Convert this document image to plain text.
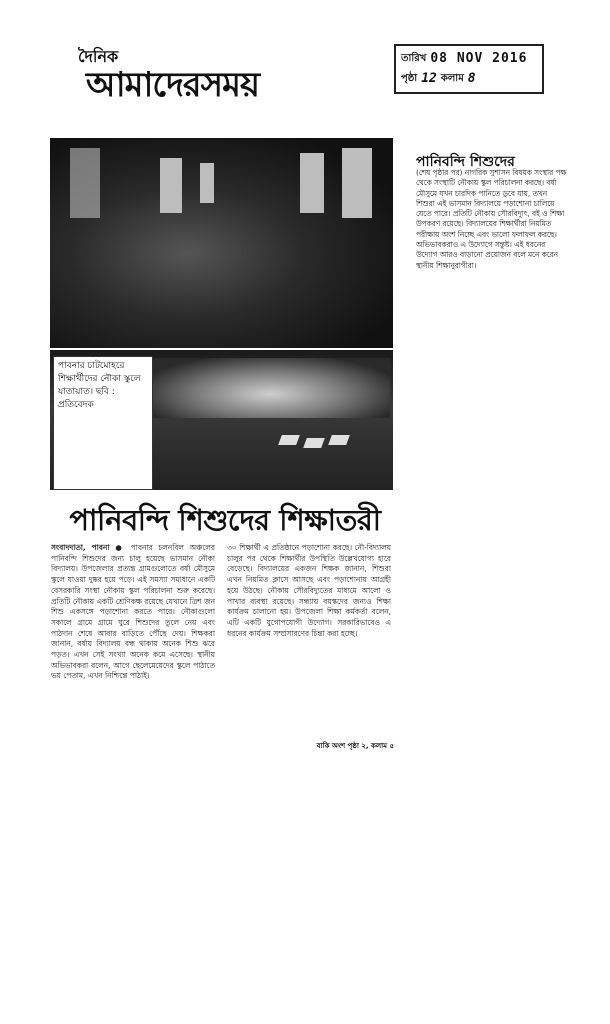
দৈনিক
আমাদেরসময়
তারিখ 08 NOV 2016
পৃষ্ঠা 12 কলাম 8
পাবনার চাটমোহরে শিক্ষার্থীদের নৌকা স্কুলে যাতায়াত। ছবি : প্রতিবেদক
পানিবন্দি শিশুদের
(শেষ পৃষ্ঠার পর) নাগরিক সুশাসন বিষয়ক সংস্থার পক্ষ থেকে সংস্থাটি নৌকায় স্কুল পরিচালনা করছে। বর্ষা মৌসুমে যখন চারদিক পানিতে ডুবে যায়, তখন শিশুরা এই ভাসমান বিদ্যালয়ে পড়াশোনা চালিয়ে যেতে পারে। প্রতিটি নৌকায় সৌরবিদ্যুৎ, বই ও শিক্ষা উপকরণ রয়েছে। বিদ্যালয়ের শিক্ষার্থীরা নিয়মিত পরীক্ষায় অংশ নিচ্ছে এবং ভালো ফলাফল করছে। অভিভাবকরাও এ উদ্যোগে সন্তুষ্ট। এই ধরনের উদ্যোগ আরও বাড়ানো প্রয়োজন বলে মনে করেন স্থানীয় শিক্ষানুরাগীরা।
পানিবন্দি শিশুদের শিক্ষাতরী
সংবাদদাতা, পাবনা ● পাবনার চলনবিল অঞ্চলের পানিবন্দি শিশুদের জন্য চালু হয়েছে ভাসমান নৌকা বিদ্যালয়। উপজেলার প্রত্যন্ত গ্রামগুলোতে বর্ষা মৌসুমে স্কুলে যাওয়া দুষ্কর হয়ে পড়ে। এই সমস্যা সমাধানে একটি বেসরকারি সংস্থা নৌকায় স্কুল পরিচালনা শুরু করেছে। প্রতিটি নৌকায় একটি শ্রেণিকক্ষ রয়েছে যেখানে ত্রিশ জন শিশু একসঙ্গে পড়াশোনা করতে পারে। নৌকাগুলো সকালে গ্রামে গ্রামে ঘুরে শিশুদের তুলে নেয় এবং পাঠদান শেষে আবার বাড়িতে পৌঁছে দেয়। শিক্ষকরা জানান, বর্ষায় বিদ্যালয় বন্ধ থাকায় অনেক শিশু ঝরে পড়ত। এখন সেই সংখ্যা অনেক কমে এসেছে। স্থানীয় অভিভাবকরা বলেন, আগে ছেলেমেয়েদের স্কুলে পাঠাতে ভয় পেতাম, এখন নিশ্চিন্তে পাঠাই।
৩০ শিক্ষার্থী এ প্রতিষ্ঠানে পড়াশোনা করছে। নৌ-বিদ্যালয় চালুর পর থেকে শিক্ষার্থীর উপস্থিতি উল্লেখযোগ্য হারে বেড়েছে। বিদ্যালয়ের একজন শিক্ষক জানান, শিশুরা এখন নিয়মিত ক্লাসে আসছে এবং পড়াশোনায় আগ্রহী হয়ে উঠছে। নৌকায় সৌরবিদ্যুতের মাধ্যমে আলো ও পাখার ব্যবস্থা রয়েছে। সন্ধ্যায় বয়স্কদের জন্যও শিক্ষা কার্যক্রম চালানো হয়। উপজেলা শিক্ষা কর্মকর্তা বলেন, এটি একটি যুগোপযোগী উদ্যোগ। সরকারিভাবেও এ ধরনের কার্যক্রম সম্প্রসারণের চিন্তা করা হচ্ছে।
বাকি অংশ পৃষ্ঠা ২, কলাম ৫
